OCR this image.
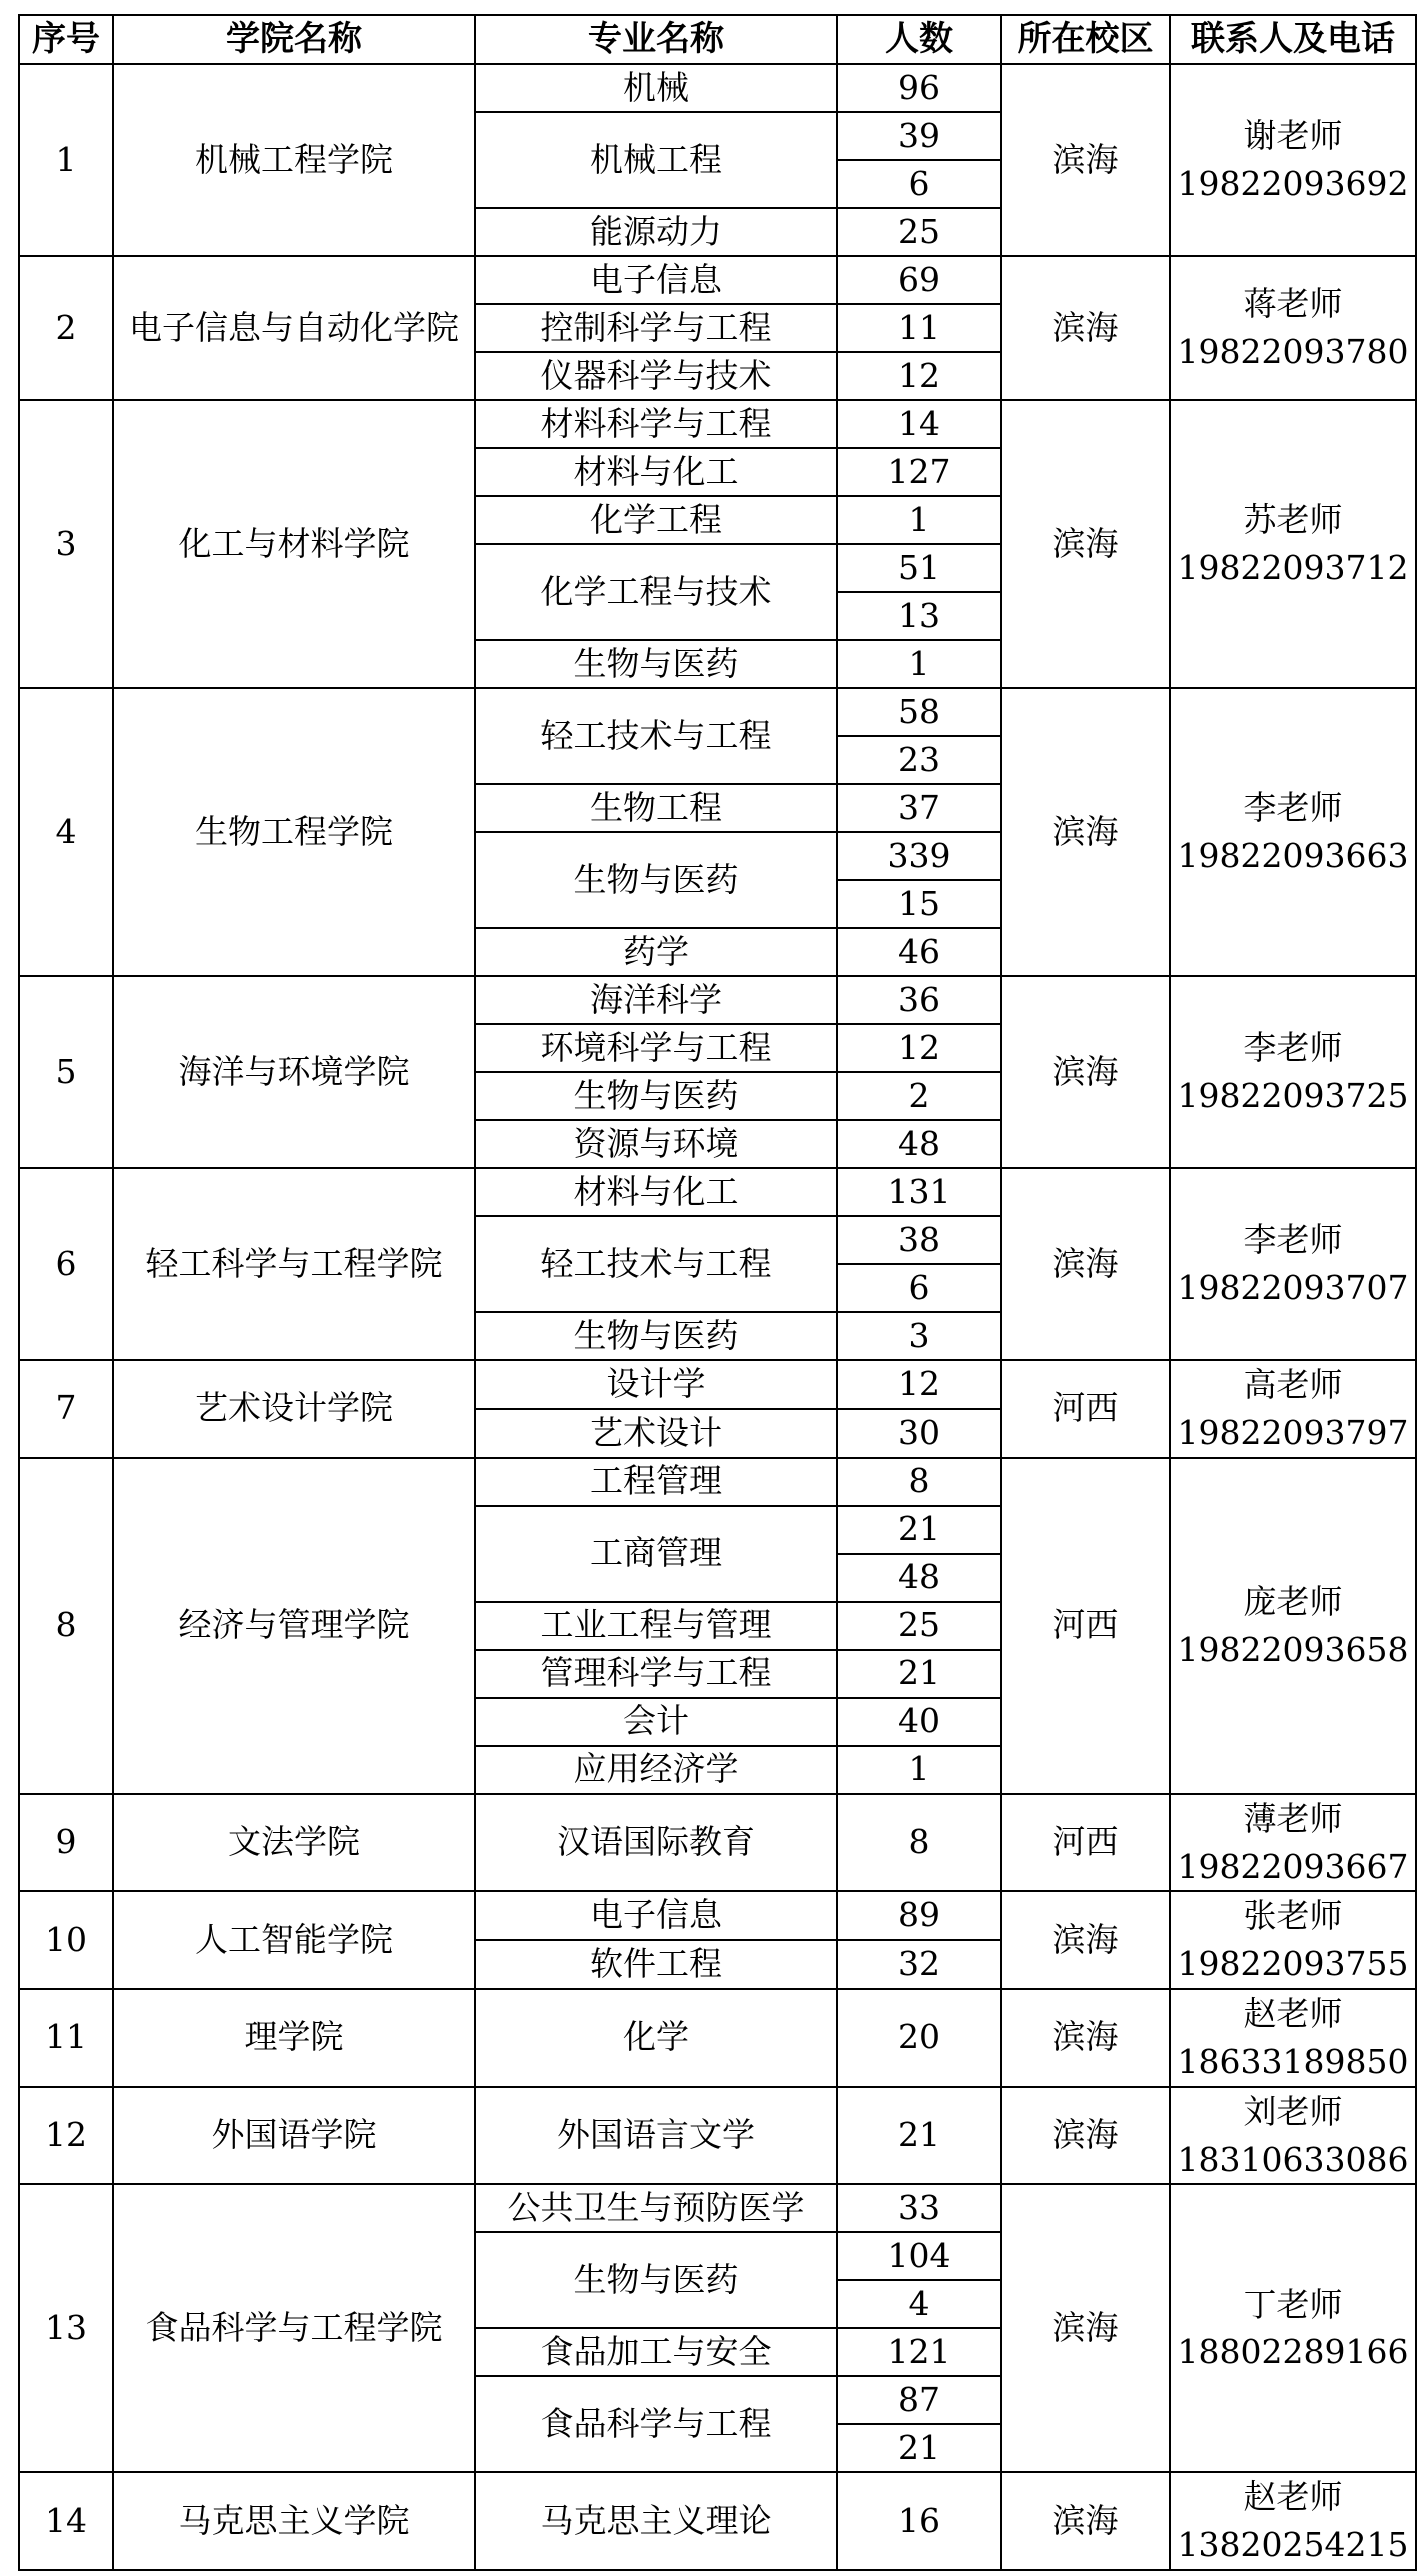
序号	学院名称	专业名称	人数	所在校区	联系人及电话
1	机械工程学院	机械	96	滨海	谢老师
19822093692
		机械工程	39		
			6		
		能源动力	25		
2	电子信息与自动化学院	电子信息	69	滨海	蒋老师
19822093780
		控制科学与工程	11		
		仪器科学与技术	12		
3	化工与材料学院	材料科学与工程	14	滨海	苏老师
19822093712
		材料与化工	127		
		化学工程	1		
		化学工程与技术	51		
			13		
		生物与医药	1		
4	生物工程学院	轻工技术与工程	58	滨海	李老师
19822093663
			23		
		生物工程	37		
		生物与医药	339		
			15		
		药学	46		
5	海洋与环境学院	海洋科学	36	滨海	李老师
19822093725
		环境科学与工程	12		
		生物与医药	2		
		资源与环境	48		
6	轻工科学与工程学院	材料与化工	131	滨海	李老师
19822093707
		轻工技术与工程	38		
			6		
		生物与医药	3		
7	艺术设计学院	设计学	12	河西	高老师
19822093797
		艺术设计	30		
8	经济与管理学院	工程管理	8	河西	庞老师
19822093658
		工商管理	21		
			48		
		工业工程与管理	25		
		管理科学与工程	21		
		会计	40		
		应用经济学	1		
9	文法学院	汉语国际教育	8	河西	薄老师
19822093667
10	人工智能学院	电子信息	89	滨海	张老师
19822093755
		软件工程	32		
11	理学院	化学	20	滨海	赵老师
18633189850
12	外国语学院	外国语言文学	21	滨海	刘老师
18310633086
13	食品科学与工程学院	公共卫生与预防医学	33	滨海	丁老师
18802289166
		生物与医药	104		
			4		
		食品加工与安全	121		
		食品科学与工程	87		
			21		
14	马克思主义学院	马克思主义理论	16	滨海	赵老师
13820254215
